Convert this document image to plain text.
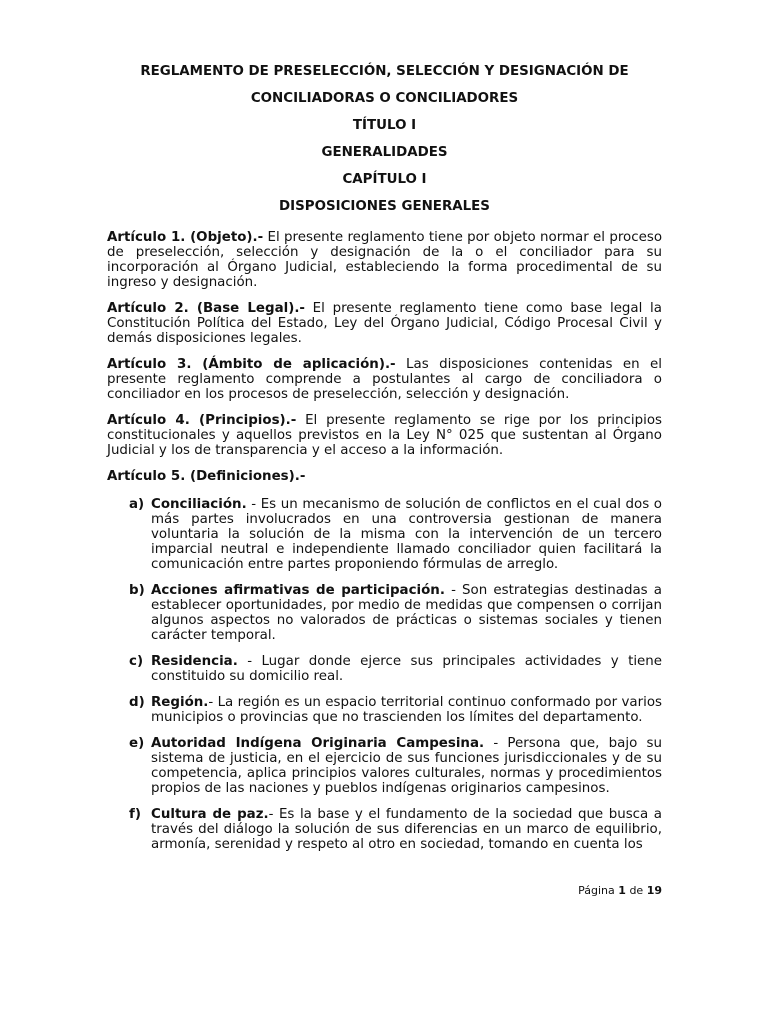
REGLAMENTO DE PRESELECCIÓN, SELECCIÓN Y DESIGNACIÓN DE

CONCILIADORAS O CONCILIADORES

TÍTULO I

GENERALIDADES

CAPÍTULO I

DISPOSICIONES GENERALES

Artículo 1. (Objeto).- El presente reglamento tiene por objeto normar el proceso de preselección, selección y designación de la o el conciliador para su incorporación al Órgano Judicial, estableciendo la forma procedimental de su ingreso y designación.

Artículo 2. (Base Legal).- El presente reglamento tiene como base legal la Constitución Política del Estado, Ley del Órgano Judicial, Código Procesal Civil y demás disposiciones legales.

Artículo 3. (Ámbito de aplicación).- Las disposiciones contenidas en el presente reglamento comprende a postulantes al cargo de conciliadora o conciliador en los procesos de preselección, selección y designación.

Artículo 4. (Principios).- El presente reglamento se rige por los principios constitucionales y aquellos previstos en la Ley N° 025 que sustentan al Órgano Judicial y los de transparencia y el acceso a la información.

Artículo 5. (Definiciones).-

a) Conciliación. - Es un mecanismo de solución de conflictos en el cual dos o más partes involucrados en una controversia gestionan de manera voluntaria la solución de la misma con la intervención de un tercero imparcial neutral e independiente llamado conciliador quien facilitará la comunicación entre partes proponiendo fórmulas de arreglo.
b) Acciones afirmativas de participación. - Son estrategias destinadas a establecer oportunidades, por medio de medidas que compensen o corrijan algunos aspectos no valorados de prácticas o sistemas sociales y tienen carácter temporal.
c) Residencia. - Lugar donde ejerce sus principales actividades y tiene constituido su domicilio real.
d) Región.- La región es un espacio territorial continuo conformado por varios municipios o provincias que no trascienden los límites del departamento.
e) Autoridad Indígena Originaria Campesina. - Persona que, bajo su sistema de justicia, en el ejercicio de sus funciones jurisdiccionales y de su competencia, aplica principios valores culturales, normas y procedimientos propios de las naciones y pueblos indígenas originarios campesinos.
f) Cultura de paz.- Es la base y el fundamento de la sociedad que busca a través del diálogo la solución de sus diferencias en un marco de equilibrio, armonía, serenidad y respeto al otro en sociedad, tomando en cuenta los
Página 1 de 19
